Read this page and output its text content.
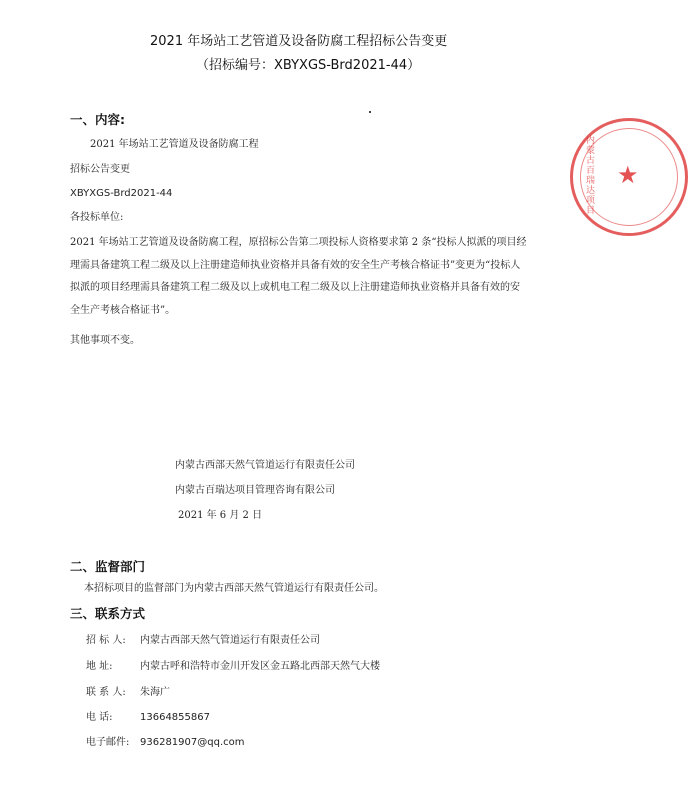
2021 年场站工艺管道及设备防腐工程招标公告变更
（招标编号：XBYXGS-Brd2021-44）
一、内容:
2021 年场站工艺管道及设备防腐工程
招标公告变更
XBYXGS-Brd2021-44
各投标单位:
2021 年场站工艺管道及设备防腐工程，原招标公告第二项投标人资格要求第 2 条“投标人拟派的项目经理需具备建筑工程二级及以上注册建造师执业资格并具备有效的安全生产考核合格证书”变更为“投标人拟派的项目经理需具备建筑工程二级及以上或机电工程二级及以上注册建造师执业资格并具备有效的安全生产考核合格证书”。
其他事项不变。
内蒙古西部天然气管道运行有限责任公司
内蒙古百瑞达项目管理咨询有限公司
2021 年 6 月 2 日
二、监督部门
本招标项目的监督部门为内蒙古西部天然气管道运行有限责任公司。
三、联系方式
招 标 人: 内蒙古西部天然气管道运行有限责任公司
地 址:	内蒙古呼和浩特市金川开发区金五路北西部天然气大楼
联 系 人: 朱海广
电 话:	13664855867
电子邮件: 936281907@qq.com
内蒙古百瑞达项目 ★
